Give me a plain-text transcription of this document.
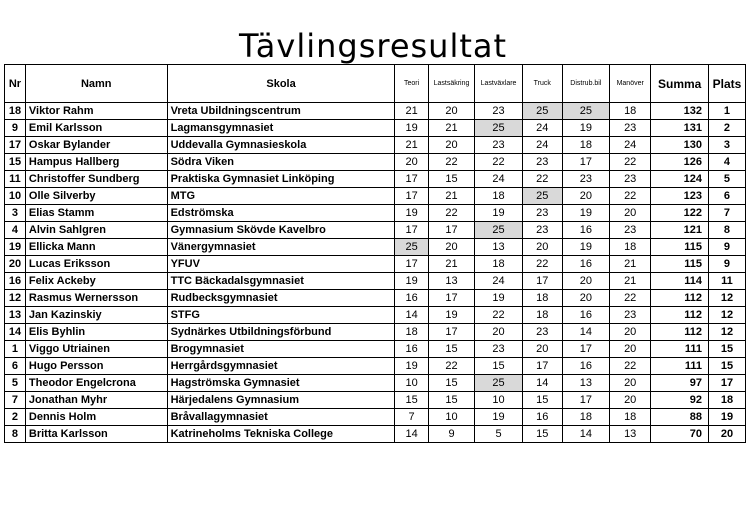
Tävlingsresultat
Nr	Namn	Skola	Teori	Lastsäkring	Lastväxlare	Truck	Distrub.bil	Manöver	Summa	Plats
18	Viktor Rahm	Vreta Ubildningscentrum	21	20	23	25	25	18	132	1
9	Emil Karlsson	Lagmansgymnasiet	19	21	25	24	19	23	131	2
17	Oskar Bylander	Uddevalla Gymnasieskola	21	20	23	24	18	24	130	3
15	Hampus Hallberg	Södra Viken	20	22	22	23	17	22	126	4
11	Christoffer Sundberg	Praktiska Gymnasiet Linköping	17	15	24	22	23	23	124	5
10	Olle Silverby	MTG	17	21	18	25	20	22	123	6
3	Elias Stamm	Edströmska	19	22	19	23	19	20	122	7
4	Alvin Sahlgren	Gymnasium Skövde Kavelbro	17	17	25	23	16	23	121	8
19	Ellicka Mann	Vänergymnasiet	25	20	13	20	19	18	115	9
20	Lucas Eriksson	YFUV	17	21	18	22	16	21	115	9
16	Felix Ackeby	TTC Bäckadalsgymnasiet	19	13	24	17	20	21	114	11
12	Rasmus Wernersson	Rudbecksgymnasiet	16	17	19	18	20	22	112	12
13	Jan Kazinskiy	STFG	14	19	22	18	16	23	112	12
14	Elis Byhlin	Sydnärkes Utbildningsförbund	18	17	20	23	14	20	112	12
1	Viggo Utriainen	Brogymnasiet	16	15	23	20	17	20	111	15
6	Hugo Persson	Herrgårdsgymnasiet	19	22	15	17	16	22	111	15
5	Theodor Engelcrona	Hagströmska Gymnasiet	10	15	25	14	13	20	97	17
7	Jonathan Myhr	Härjedalens Gymnasium	15	15	10	15	17	20	92	18
2	Dennis Holm	Bråvallagymnasiet	7	10	19	16	18	18	88	19
8	Britta Karlsson	Katrineholms Tekniska College	14	9	5	15	14	13	70	20
